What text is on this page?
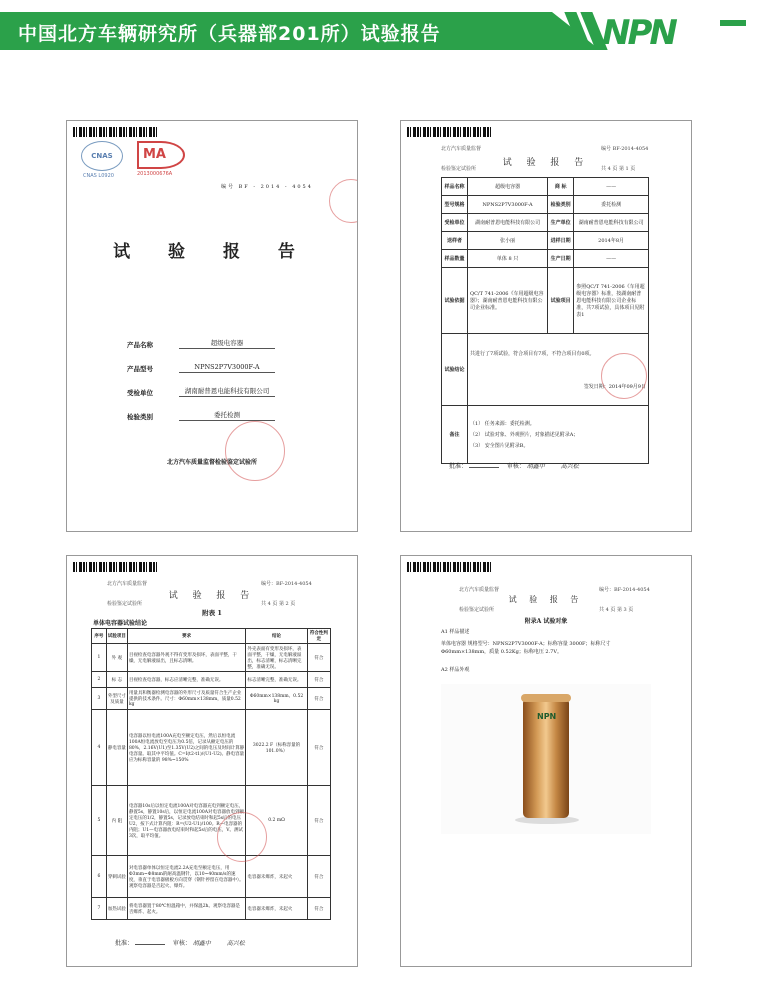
中国北方车辆研究所（兵器部201所）试验报告	NPN
CNAS
CNAS L0920
MA
2013000676A
编号 BF - 2014 - 4054
试 验 报 告
产品名称	超级电容器
产品型号	NPNS2P7V3000F-A
受检单位	湖南耐普恩电能科技有限公司
检验类别	委托检测
北方汽车质量监督检验鉴定试验所
北方汽车质量监督	编号 BF-2014-4054
试 验 报 告
检验鉴定试验所	共 4 页 第 1 页
样品名称	超级电容器	商 标	——
型号规格	NPNS2P7V3000F-A	检验类别	委托检测
受检单位	湖南耐普恩电能科技有限公司	生产单位	湖南耐普恩电能科技有限公司
送样者	张小丽	进样日期	2014年8月
样品数量	单体 8 只	生产日期	——
试验依据	QC/T 741-2006《车用超级电容器》；湖南耐普恩电能科技有限公司企业标准。	试验项目	参照QC/T 741-2006《车用超级电容器》标准，按湖南耐普恩电能科技有限公司企业标准，共7项试验，具体项目见附表1
试验结论	共进行了7项试验，符合项目有7项，不符合项目有0项。
签发日期：2014年09月9日		

备注	（1） 任务来源：委托检测。
（2） 试验对象、外观照片，对象描述见附录A；
（3） 安全图片见附录B。		
批准：	审核： 胡鑫中	高兴松
北方汽车质量监督	编号：BF-2014-4054
试 验 报 告
检验鉴定试验所	共 4 页 第 2 页
附表 1
单体电容器试验结论
序号	试验项目	要求	结论	符合性判定
1	外 观	目视检查电容器外观不得有变形及损坏，表面平整，干燥，无电解液溢出，且标志清晰。	外壳表面有变形及损坏，表面平整，干燥，无电解液溢出，标志清晰，标志清晰完整，准确无误。	符合
2	标 志	目视检查电容器，标志应清晰完整，准确无误。	标志清晰完整，准确无误。	符合
3	外型尺寸及质量	用量具和衡器检测电容器的外形尺寸及质量符合生产企业提供的技术条件。尺寸：Φ60mm×138mm，质量0.52 kg	Φ60mm×138mm、0.52 kg	符合
4	静电容量	电容器以恒电流100A充电至额定电压，然后以恒电流100A恒电流放电至电压为0.5倍，记录从额定电压的80%，2.16V(U1)至1.35V(U2)之间的电压及时间计算静电容量。取其中平均值。C=I(t2-t1)/(U1-U2)。静电容量应为标称容量的 98%~150%	3022.2 F（标称容量的 101.0%）	符合
5	内 阻	电容器10s后以恒定电流100A对电容器充电到额定电压，静置5s，静置10s后，以恒定电流100A对电容器放电到额定电压的1/2，静置5s，记录放电结束时和起5s后的电压U2，按下式计算内阻：R=(U2-U1)/100。R—电容器的内阻；U1—电容器放电结束时和起5s后的电压，V。测试3次，取平均值。	0.2 mΩ	符合
6	穿刺试验	对电容器单体以恒定电流2.2A充电至额定电压，用Φ3mm~Φ8mm的耐高温钢针，以10~40mm/s的速度，垂直于电容器极板方向贯穿（钢针停留在电容器中）。观察电容器是否起火、爆炸。	电容器未爆炸，未起火	符合
7	加热试验	将电容器置于80℃恒温箱中，并保温2h。观察电容器是否爆炸、起火。	电容器未爆炸，未起火	符合
批准：	审核： 胡鑫中	高兴松
北方汽车质量监督	编号：BF-2014-4054
试 验 报 告
检验鉴定试验所	共 4 页 第 3 页
附录A 试验对象
A1 样品描述
单体电容器 规格型号：NPNS2P7V3000F-A；标称容量 3000F；标称尺寸 Φ60mm×138mm，质量 0.52Kg；标称电压 2.7V。
A2 样品外观
NPN
